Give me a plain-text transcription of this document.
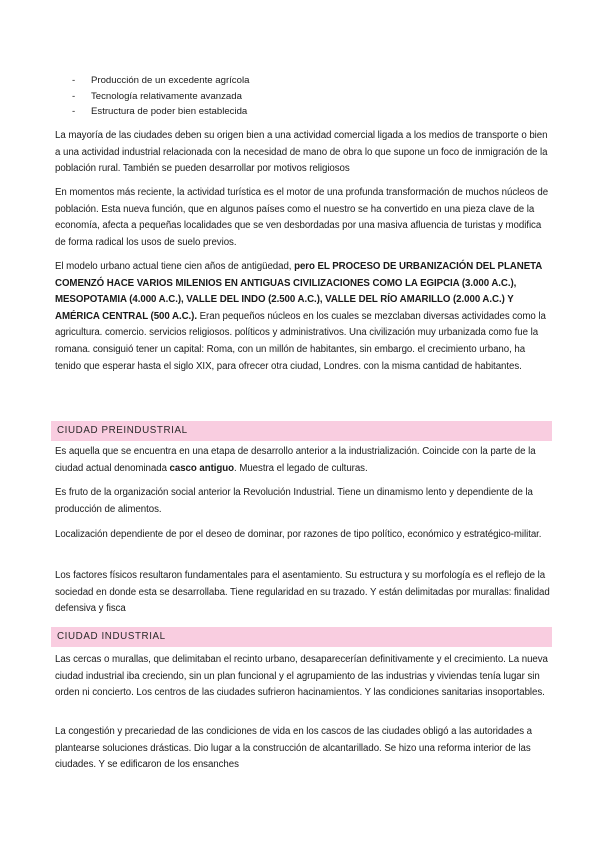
- Producción de un excedente agrícola
- Tecnología relativamente avanzada
- Estructura de poder bien establecida

La mayoría de las ciudades deben su origen bien a una actividad comercial ligada a los medios de transporte o bien a una actividad industrial relacionada con la necesidad de mano de obra lo que supone un foco de inmigración de la población rural. También se pueden desarrollar por motivos religiosos

En momentos más reciente, la actividad turística es el motor de una profunda transformación de muchos núcleos de población. Esta nueva función, que en algunos países como el nuestro se ha convertido en una pieza clave de la economía, afecta a pequeñas localidades que se ven desbordadas por una masiva afluencia de turistas y modifica de forma radical los usos de suelo previos.

El modelo urbano actual tiene cien años de antigüedad, pero EL PROCESO DE URBANIZACIÓN DEL PLANETA COMENZÓ HACE VARIOS MILENIOS EN ANTIGUAS CIVILIZACIONES COMO LA EGIPCIA (3.000 A.C.), MESOPOTAMIA (4.000 A.C.), VALLE DEL INDO (2.500 A.C.), VALLE DEL RÍO AMARILLO (2.000 A.C.) Y AMÉRICA CENTRAL (500 A.C.). Eran pequeños núcleos en los cuales se mezclaban diversas actividades como la agricultura. comercio. servicios religiosos. políticos y administrativos. Una civilización muy urbanizada como fue la romana. consiguió tener un capital: Roma, con un millón de habitantes, sin embargo. el crecimiento urbano, ha tenido que esperar hasta el siglo XIX, para ofrecer otra ciudad, Londres. con la misma cantidad de habitantes.

CIUDAD PREINDUSTRIAL

Es aquella que se encuentra en una etapa de desarrollo anterior a la industrialización. Coincide con la parte de la ciudad actual denominada casco antiguo. Muestra el legado de culturas.

Es fruto de la organización social anterior la Revolución Industrial. Tiene un dinamismo lento y dependiente de la producción de alimentos.

Localización dependiente de por el deseo de dominar, por razones de tipo político, económico y estratégico-militar.

Los factores físicos resultaron fundamentales para el asentamiento. Su estructura y su morfología es el reflejo de la sociedad en donde esta se desarrollaba. Tiene regularidad en su trazado. Y están delimitadas por murallas: finalidad defensiva y fisca

CIUDAD INDUSTRIAL

Las cercas o murallas, que delimitaban el recinto urbano, desaparecerían definitivamente y el crecimiento. La nueva ciudad industrial iba creciendo, sin un plan funcional y el agrupamiento de las industrias y viviendas tenía lugar sin orden ni concierto. Los centros de las ciudades sufrieron hacinamientos. Y las condiciones sanitarias insoportables.

La congestión y precariedad de las condiciones de vida en los cascos de las ciudades obligó a las autoridades a plantearse soluciones drásticas. Dio lugar a la construcción de alcantarillado. Se hizo una reforma interior de las ciudades. Y se edificaron de los ensanches
